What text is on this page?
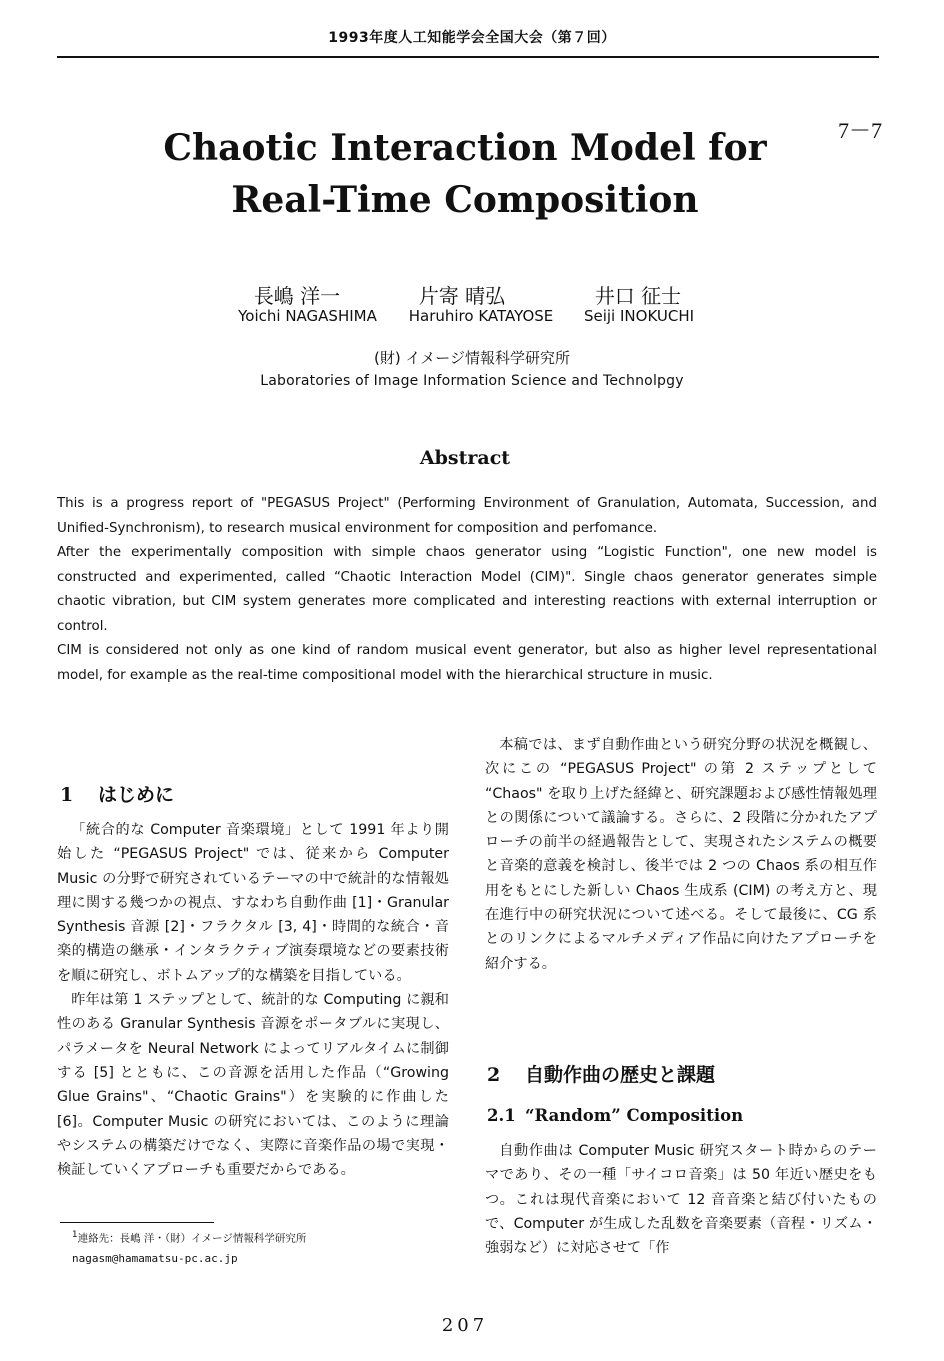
1993年度人工知能学会全国大会（第７回）
7－7
Chaotic Interaction Model for
Real-Time Composition
長嶋 洋一	片寄 晴弘	井口 征士
Yoichi NAGASHIMA	Haruhiro KATAYOSE	Seiji INOKUCHI
(財) イメージ情報科学研究所
Laboratories of Image Information Science and Technolpgy
Abstract

This is a progress report of "PEGASUS Project" (Performing Environment of Granulation, Automata, Succession, and Unified-Synchronism), to research musical environment for composition and perfomance.

After the experimentally composition with simple chaos generator using “Logistic Function", one new model is constructed and experimented, called “Chaotic Interaction Model (CIM)". Single chaos generator generates simple chaotic vibration, but CIM system generates more complicated and interesting reactions with external interruption or control.

CIM is considered not only as one kind of random musical event generator, but also as higher level representational model, for example as the real-time compositional model with the hierarchical structure in music.

1 はじめに

「統合的な Computer 音楽環境」として 1991 年より開始した “PEGASUS Project" では、従来から Computer Music の分野で研究されているテーマの中で統計的な情報処理に関する幾つかの視点、すなわち自動作曲 [1]・Granular Synthesis 音源 [2]・フラクタル [3, 4]・時間的な統合・音楽的構造の継承・インタラクティブ演奏環境などの要素技術を順に研究し、ボトムアップ的な構築を目指している。

昨年は第 1 ステップとして、統計的な Computing に親和性のある Granular Synthesis 音源をポータブルに実現し、パラメータを Neural Network によってリアルタイムに制御する [5] とともに、この音源を活用した作品（“Growing Glue Grains"、“Chaotic Grains"）を実験的に作曲した [6]。Computer Music の研究においては、このように理論やシステムの構築だけでなく、実際に音楽作品の場で実現・検証していくアプローチも重要だからである。

本稿では、まず自動作曲という研究分野の状況を概観し、次にこの “PEGASUS Project" の第 2 ステップとして “Chaos" を取り上げた経緯と、研究課題および感性情報処理との関係について議論する。さらに、2 段階に分かれたアプローチの前半の経過報告として、実現されたシステムの概要と音楽的意義を検討し、後半では 2 つの Chaos 系の相互作用をもとにした新しい Chaos 生成系 (CIM) の考え方と、現在進行中の研究状況について述べる。そして最後に、CG 系とのリンクによるマルチメディア作品に向けたアプローチを紹介する。

2 自動作曲の歴史と課題
2.1 “Random” Composition

自動作曲は Computer Music 研究スタート時からのテーマであり、その一種「サイコロ音楽」は 50 年近い歴史をもつ。これは現代音楽において 12 音音楽と結び付いたもので、Computer が生成した乱数を音楽要素（音程・リズム・強弱など）に対応させて「作

$^1$連絡先：長嶋 洋・（財）イメージ情報科学研究所
nagasm@hamamatsu-pc.ac.jp
207
